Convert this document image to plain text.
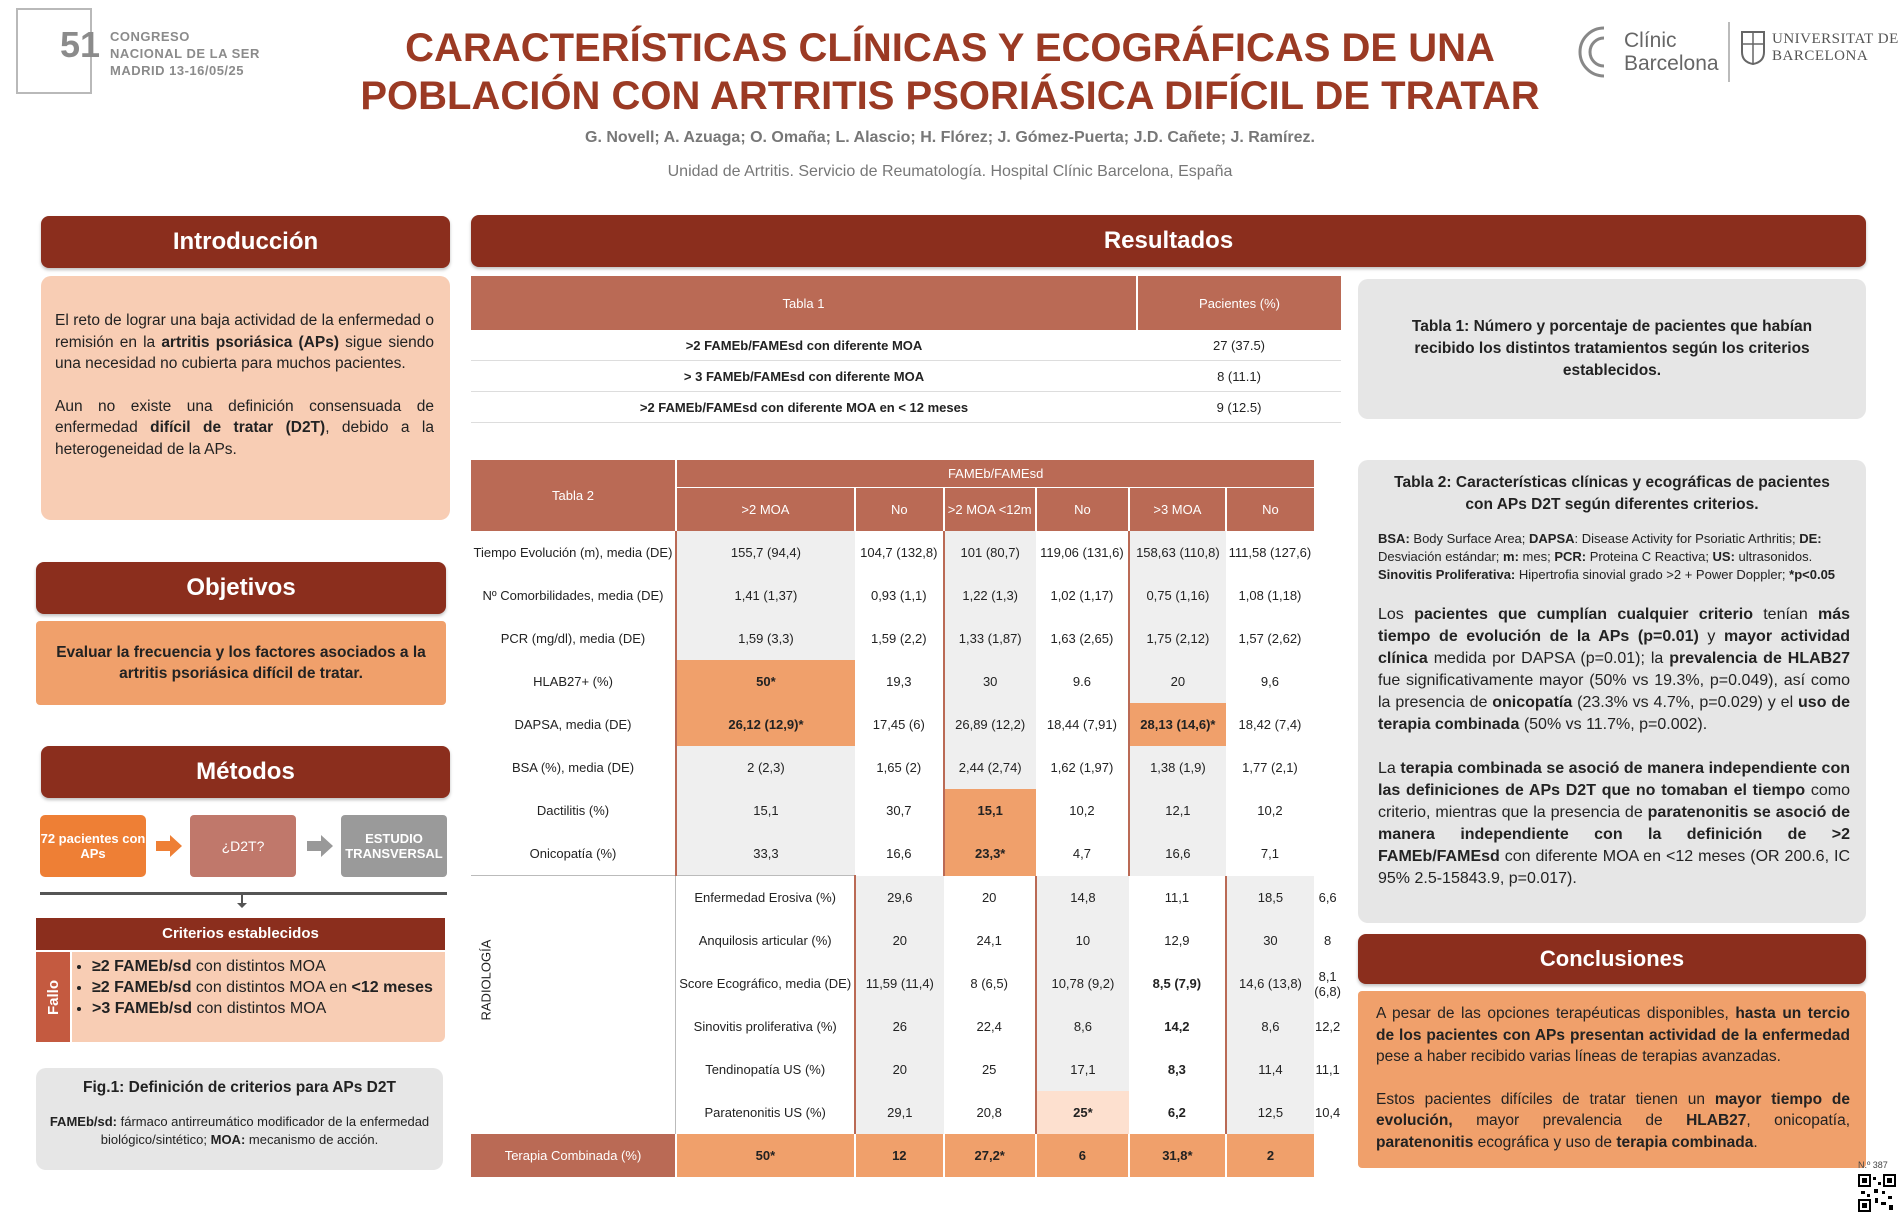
51 CONGRESO
NACIONAL DE LA SER
MADRID 13-16/05/25
CARACTERÍSTICAS CLÍNICAS Y ECOGRÁFICAS DE UNA
POBLACIÓN CON ARTRITIS PSORIÁSICA DIFÍCIL DE TRATAR
G. Novell; A. Azuaga; O. Omaña; L. Alascio; H. Flórez; J. Gómez-Puerta; J.D. Cañete; J. Ramírez.
Unidad de Artritis. Servicio de Reumatología. Hospital Clínic Barcelona, España
Clínic
Barcelona
UNIVERSITAT DE
BARCELONA
Introducción

El reto de lograr una baja actividad de la enfermedad o remisión en la artritis psoriásica (APs) sigue siendo una necesidad no cubierta para muchos pacientes.

Aun no existe una definición consensuada de enfermedad difícil de tratar (D2T), debido a la heterogeneidad de la APs.

Objetivos
Evaluar la frecuencia y los factores asociados a la artritis psoriásica difícil de tratar.
Métodos
72 pacientes con APs	¿D2T?	ESTUDIO TRANSVERSAL
Criterios establecidos
Fallo
• ≥2 FAMEb/sd con distintos MOA
• ≥2 FAMEb/sd con distintos MOA en <12 meses
• >3 FAMEb/sd con distintos MOA
Fig.1: Definición de criterios para APs D2T
FAMEb/sd: fármaco antirreumático modificador de la enfermedad biológico/sintético; MOA: mecanismo de acción.
Resultados
Tabla 1	Pacientes (%)
>2 FAMEb/FAMEsd con diferente MOA	27 (37.5)
> 3 FAMEb/FAMEsd con diferente MOA	8 (11.1)
>2 FAMEb/FAMEsd con diferente MOA en < 12 meses	9 (12.5)
Tabla 1: Número y porcentaje de pacientes que habían recibido los distintos tratamientos según los criterios establecidos.
Tabla 2	FAMEb/FAMEsd						
	>2 MOA	No	>2 MOA <12m	No	>3 MOA	No	
Tiempo Evolución (m), media (DE)	155,7 (94,4)	104,7 (132,8)	101 (80,7)	119,06 (131,6)	158,63 (110,8)	111,58 (127,6)	
Nº Comorbilidades, media (DE)	1,41 (1,37)	0,93 (1,1)	1,22 (1,3)	1,02 (1,17)	0,75 (1,16)	1,08 (1,18)	
PCR (mg/dl), media (DE)	1,59 (3,3)	1,59 (2,2)	1,33 (1,87)	1,63 (2,65)	1,75 (2,12)	1,57 (2,62)	
HLAB27+ (%)	50*	19,3	30	9.6	20	9,6	
DAPSA, media (DE)	26,12 (12,9)*	17,45 (6)	26,89 (12,2)	18,44 (7,91)	28,13 (14,6)*	18,42 (7,4)	
BSA (%), media (DE)	2 (2,3)	1,65 (2)	2,44 (2,74)	1,62 (1,97)	1,38 (1,9)	1,77 (2,1)	
Dactilitis (%)	15,1	30,7	15,1	10,2	12,1	10,2	
Onicopatía (%)	33,3	16,6	23,3*	4,7	16,6	7,1	

RADIOLOGÍA	Enfermedad Erosiva (%)	29,6	20	14,8	11,1	18,5	6,6
	Anquilosis articular (%)	20	24,1	10	12,9	30	8
	Score Ecográfico, media (DE)	11,59 (11,4)	8 (6,5)	10,78 (9,2)	8,5 (7,9)	14,6 (13,8)	8,1 (6,8)
	Sinovitis proliferativa (%)	26	22,4	8,6	14,2	8,6	12,2
	Tendinopatía US (%)	20	25	17,1	8,3	11,4	11,1
	Paratenonitis US (%)	29,1	20,8	25*	6,2	12,5	10,4
Terapia Combinada (%)	50*	12	27,2*	6	31,8*	2	
Tabla 2: Características clínicas y ecográficas de pacientes con APs D2T según diferentes criterios.
BSA: Body Surface Area; DAPSA: Disease Activity for Psoriatic Arthritis; DE: Desviación estándar; m: mes; PCR: Proteina C Reactiva; US: ultrasonidos. Sinovitis Proliferativa: Hipertrofia sinovial grado >2 + Power Doppler; *p<0.05
Los pacientes que cumplían cualquier criterio tenían más tiempo de evolución de la APs (p=0.01) y mayor actividad clínica medida por DAPSA (p=0.01); la prevalencia de HLAB27 fue significativamente mayor (50% vs 19.3%, p=0.049), así como la presencia de onicopatía (23.3% vs 4.7%, p=0.029) y el uso de terapia combinada (50% vs 11.7%, p=0.002).
La terapia combinada se asoció de manera independiente con las definiciones de APs D2T que no tomaban el tiempo como criterio, mientras que la presencia de paratenonitis se asoció de manera independiente con la definición de >2 FAMEb/FAMEsd con diferente MOA en <12 meses (OR 200.6, IC 95% 2.5-15843.9, p=0.017).
Conclusiones
A pesar de las opciones terapéuticas disponibles, hasta un tercio de los pacientes con APs presentan actividad de la enfermedad pese a haber recibido varias líneas de terapias avanzadas.
Estos pacientes difíciles de tratar tienen un mayor tiempo de evolución, mayor prevalencia de HLAB27, onicopatía, paratenonitis ecográfica y uso de terapia combinada.
N.º 387
